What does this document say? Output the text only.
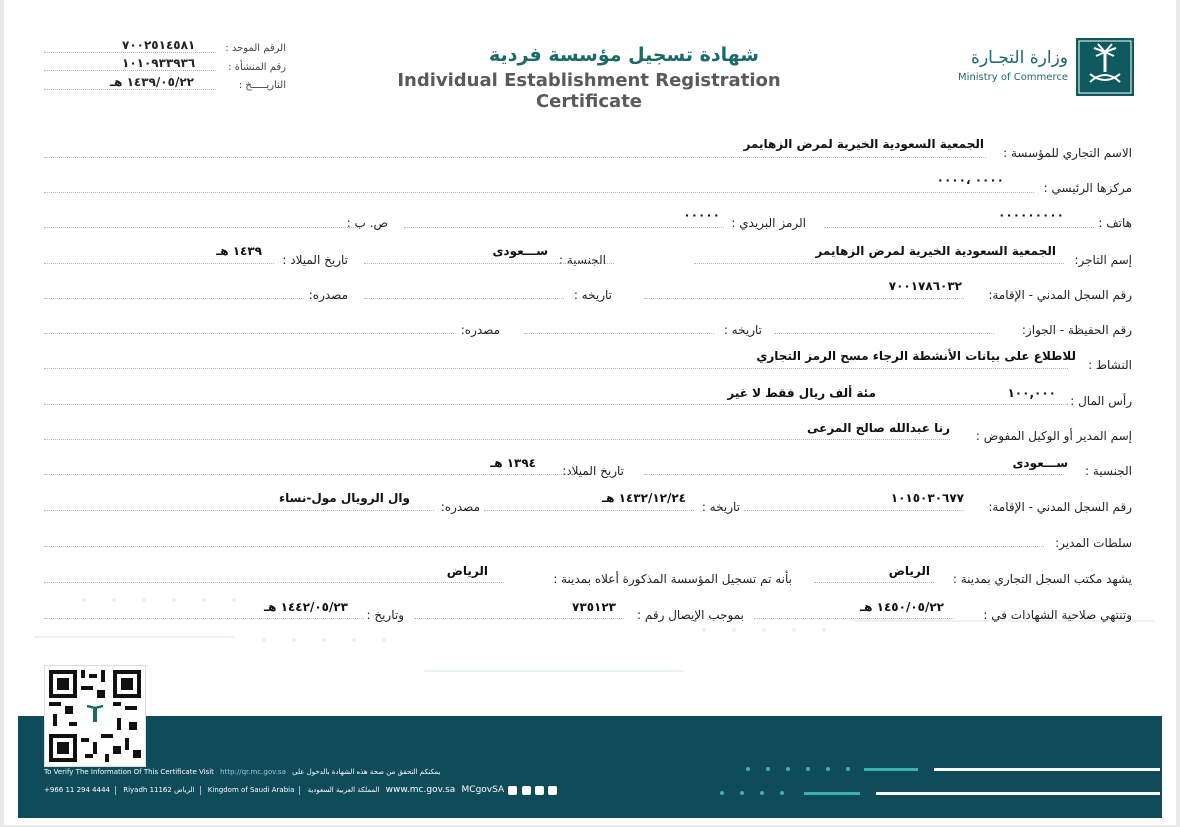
شهادة تسجيل مؤسسة فردية
Individual Establishment Registration Certificate
وزارة التجـارة
Ministry of Commerce
الرقم الموحد :
٧٠٠٢٥١٤٥٨١
رقم المنشأة :
١٠١٠٩٣٣٩٣٦
التاريـــــخ :
١٤٣٩/٠٥/٢٢ هـ
الاسم التجاري للمؤسسة :
الجمعية السعودية الخيرية لمرض الزهايمر
مركزها الرئيسي :
٠٠٠٠ ،٠٠٠٠
هاتف :
٠٠٠٠٠٠٠٠٠
الرمز البريدي :
٠٠٠٠٠
ص. ب :
إسم التاجر:
الجمعية السعودية الخيرية لمرض الزهايمر
الجنسية :
ســـعودى
تاريخ الميلاد :
١٤٣٩ هـ
رقم السجل المدني - الإقامة:
٧٠٠١٧٨٦٠٣٢
تاريخه :
مصدره:
رقم الحفيظة - الجواز:
تاريخه :
مصدره:
النشاط :
للاطلاع على بيانات الأنشطة الرجاء مسح الرمز التجاري
رأس المال :
١٠٠,٠٠٠
مئة ألف ريال فقط لا غير
إسم المدير أو الوكيل المفوض :
رنا عبدالله صالح المرعى
الجنسية :
ســـعودى
تاريخ الميلاد:
١٣٩٤ هـ
رقم السجل المدني - الإقامة:
١٠١٥٠٣٠٦٧٧
تاريخه :
١٤٣٢/١٢/٢٤ هـ
مصدره:
وال الرويال مول-نساء
سلطات المدير:
يشهد مكتب السجل التجاري بمدينة :
الرياض
بأنه تم تسجيل المؤسسة المذكورة أعلاه بمدينة :
الرياض
وتنتهي صلاحية الشهادات في :
١٤٥٠/٠٥/٢٢ هـ
بموجب الإيصال رقم :
٧٣٥١٢٣
وتاريخ :
١٤٤٢/٠٥/٢٣ هـ
To Verify The Information Of This Certificate Visit http://qr.mc.gov.sa يمكنكم التحقق من صحة هذه الشهادة بالدخول على
+966 11 294 4444 Riyadh 11162 الرياض Kingdom of Saudi Arabia المملكة العربية السعودية www.mc.gov.sa MCgovSA
